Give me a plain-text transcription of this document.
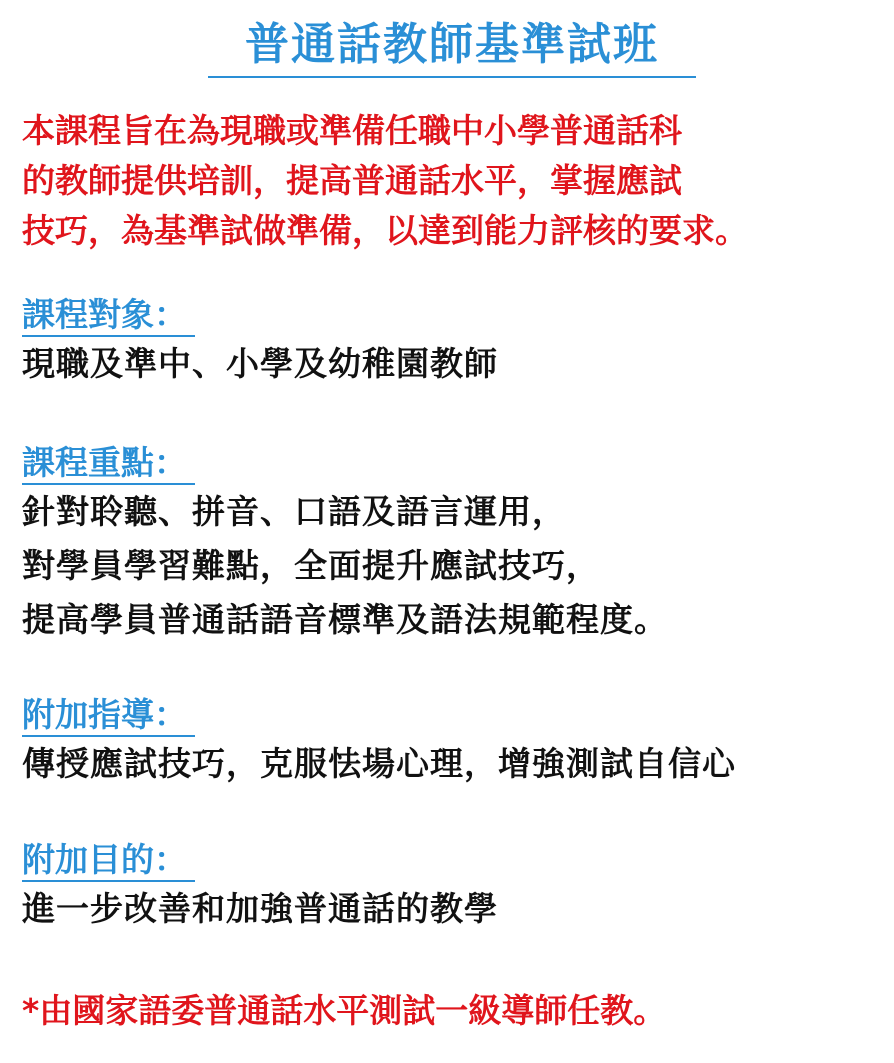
普通話教師基準試班
本課程旨在為現職或準備任職中小學普通話科
的教師提供培訓，提高普通話水平，掌握應試
技巧，為基準試做準備，以達到能力評核的要求。
課程對象：
現職及準中、小學及幼稚園教師
課程重點：
針對聆聽、拼音、口語及語言運用，
對學員學習難點，全面提升應試技巧，
提高學員普通話語音標準及語法規範程度。
附加指導：
傳授應試技巧，克服怯場心理，增強測試自信心
附加目的：
進一步改善和加強普通話的教學
*由國家語委普通話水平測試一級導師任教。
